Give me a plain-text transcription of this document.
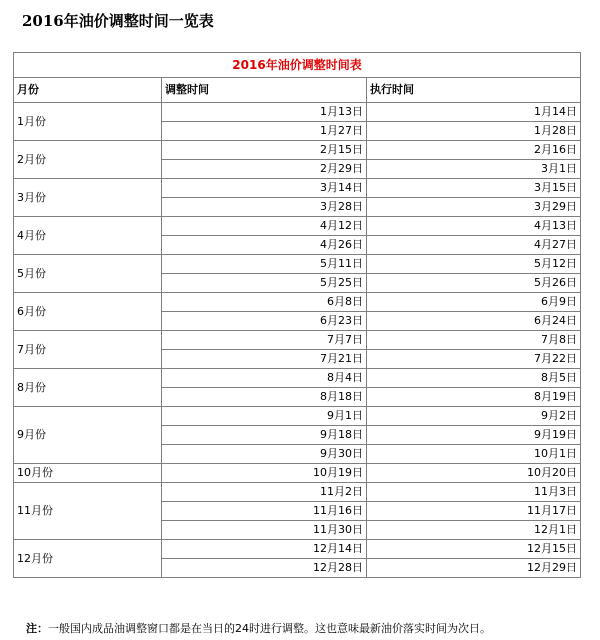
2016年油价调整时间一览表
2016年油价调整时间表		
月份	调整时间	执行时间
1月份	1月13日	1月14日
	1月27日	1月28日
2月份	2月15日	2月16日
	2月29日	3月1日
3月份	3月14日	3月15日
	3月28日	3月29日
4月份	4月12日	4月13日
	4月26日	4月27日
5月份	5月11日	5月12日
	5月25日	5月26日
6月份	6月8日	6月9日
	6月23日	6月24日
7月份	7月7日	7月8日
	7月21日	7月22日
8月份	8月4日	8月5日
	8月18日	8月19日
9月份	9月1日	9月2日
	9月18日	9月19日
	9月30日	10月1日
10月份	10月19日	10月20日
11月份	11月2日	11月3日
	11月16日	11月17日
	11月30日	12月1日
12月份	12月14日	12月15日
	12月28日	12月29日

注：一般国内成品油调整窗口都是在当日的24时进行调整。这也意味最新油价落实时间为次日。
